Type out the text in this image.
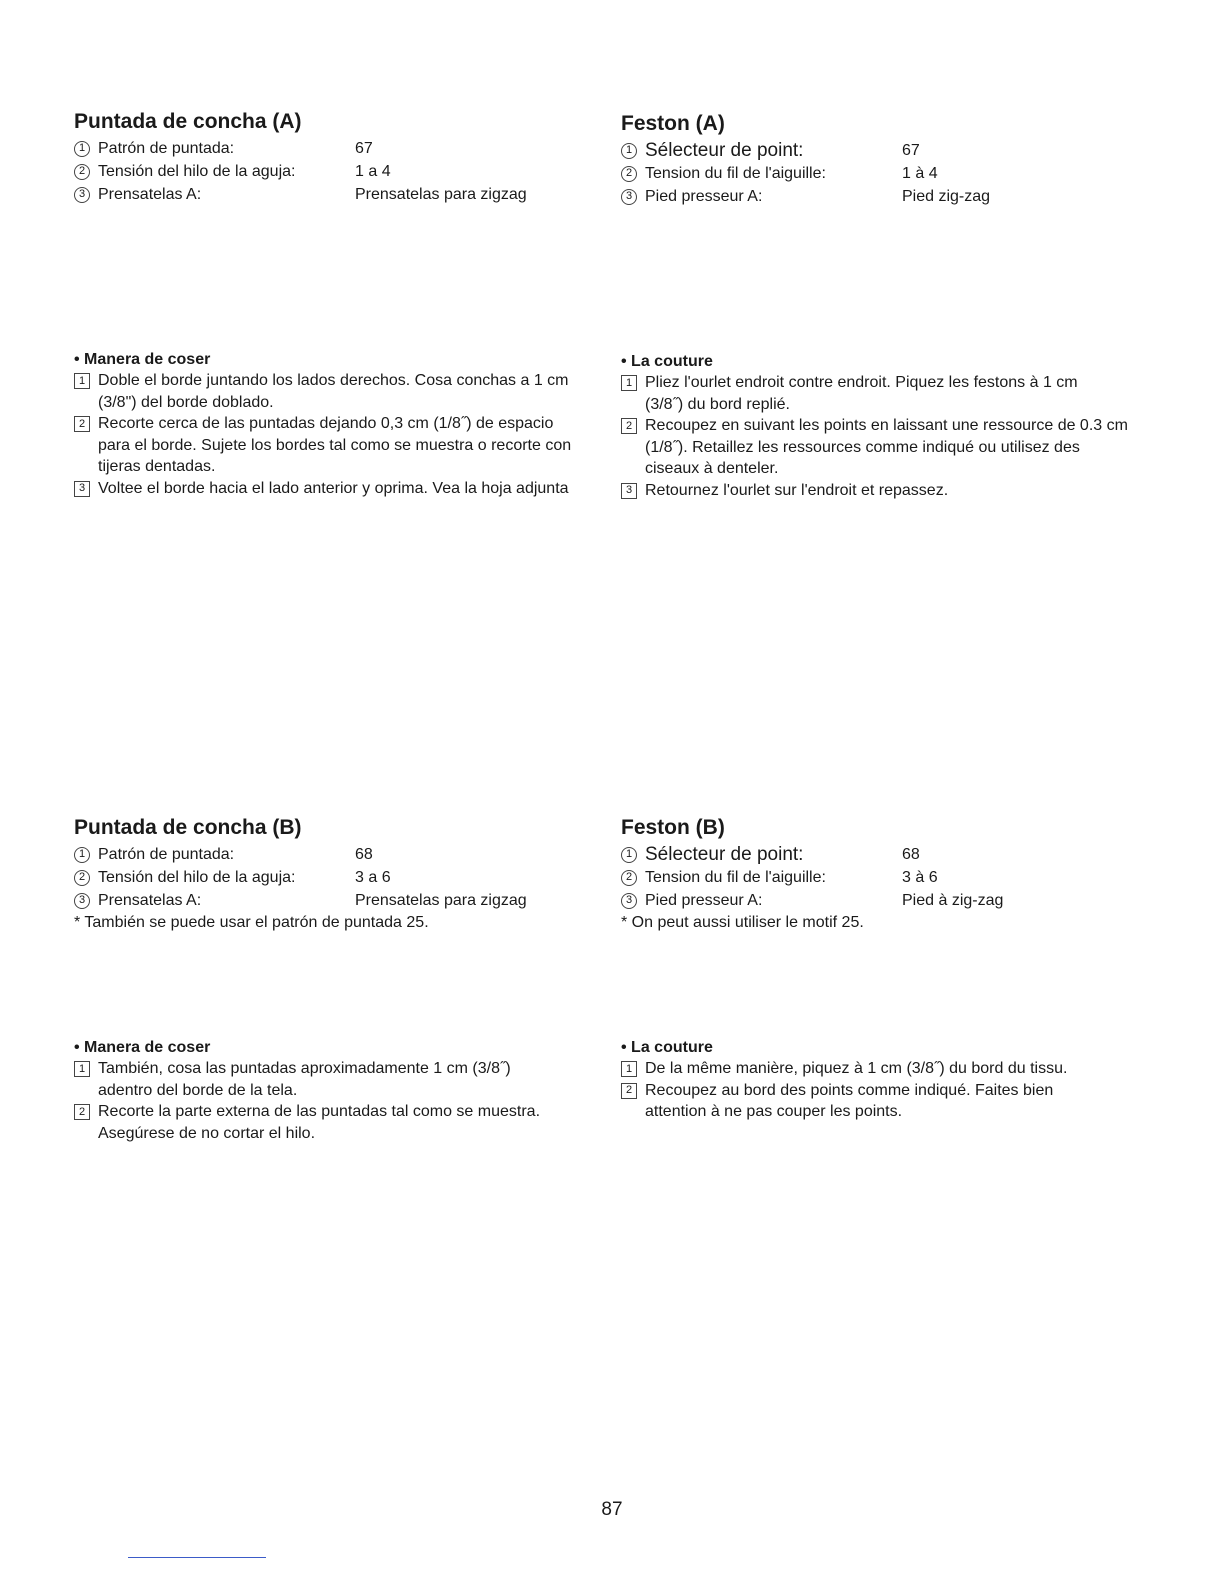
Puntada de concha (A)
1 Patrón de puntada:	67
2 Tensión del hilo de la aguja:	1 a 4
3 Prensatelas A:	Prensatelas para zigzag
• Manera de coser
1 Doble el borde juntando los lados derechos. Cosa conchas a 1 cm (3/8") del borde doblado.
2 Recorte cerca de las puntadas dejando 0,3 cm (1/8˝) de espacio para el borde. Sujete los bordes tal como se muestra o recorte con tijeras dentadas.
3 Voltee el borde hacia el lado anterior y oprima. Vea la hoja adjunta
Feston (A)
1 Sélecteur de point:	67
2 Tension du fil de l'aiguille:	1 à 4
3 Pied presseur A:	Pied zig-zag
• La couture
1 Pliez l'ourlet endroit contre endroit. Piquez les festons à 1 cm (3/8˝) du bord replié.
2 Recoupez en suivant les points en laissant une ressource de 0.3 cm (1/8˝). Retaillez les ressources comme indiqué ou utilisez des ciseaux à denteler.
3 Retournez l'ourlet sur l'endroit et repassez.
Puntada de concha (B)
1 Patrón de puntada:	68
2 Tensión del hilo de la aguja:	3 a 6
3 Prensatelas A:	Prensatelas para zigzag
* También se puede usar el patrón de puntada 25.
• Manera de coser
1 También, cosa las puntadas aproximadamente 1 cm (3/8˝) adentro del borde de la tela.
2 Recorte la parte externa de las puntadas tal como se muestra. Asegúrese de no cortar el hilo.
Feston (B)
1 Sélecteur de point:	68
2 Tension du fil de l'aiguille:	3 à 6
3 Pied presseur A:	Pied à zig-zag
* On peut aussi utiliser le motif 25.
• La couture
1 De la même manière, piquez à 1 cm (3/8˝) du bord du tissu.
2 Recoupez au bord des points comme indiqué. Faites bien attention à ne pas couper les points.
87
